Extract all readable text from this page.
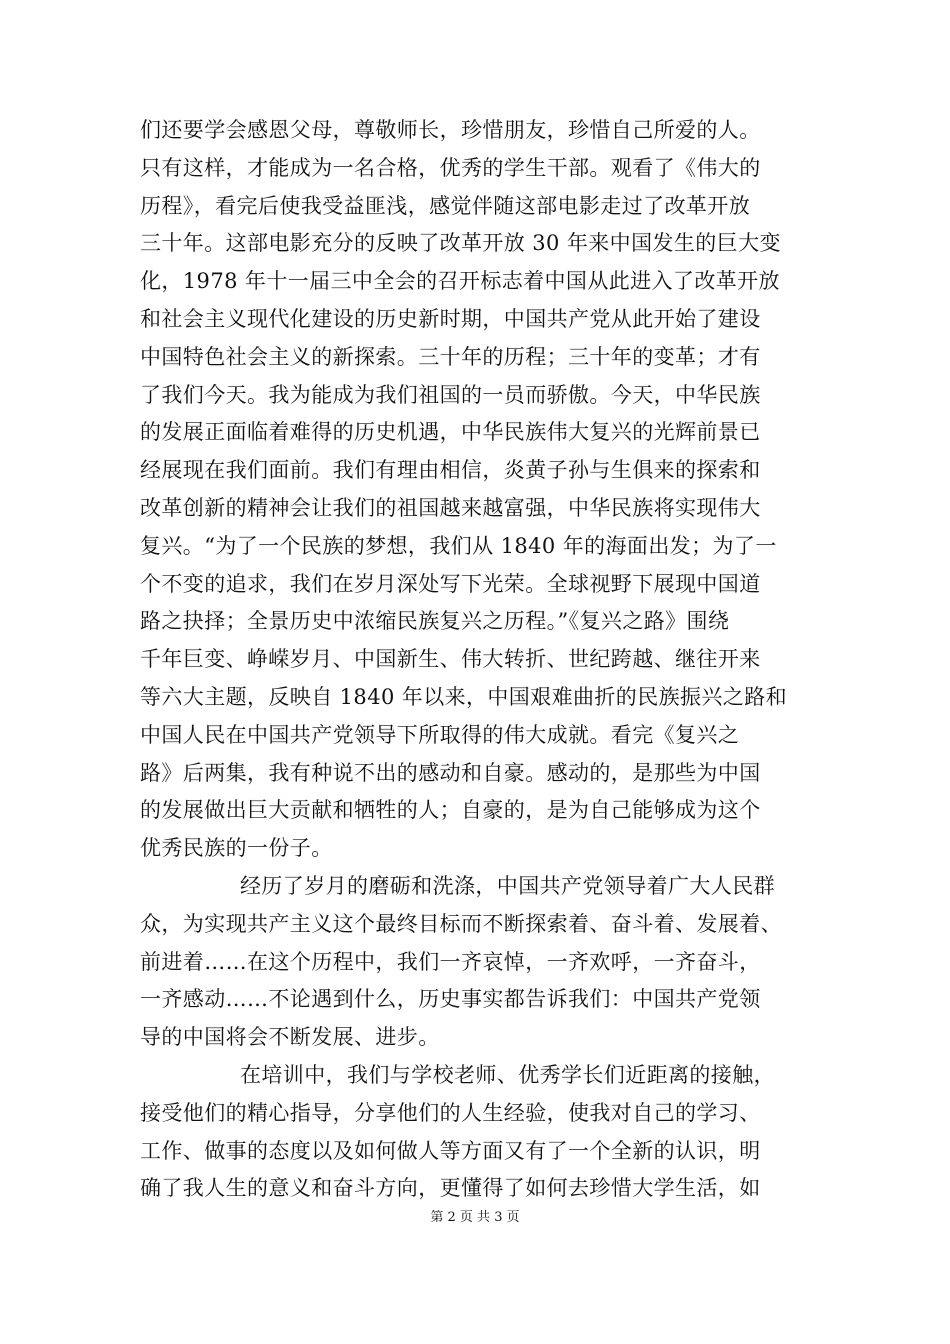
们还要学会感恩父母，尊敬师长，珍惜朋友，珍惜自己所爱的人。
只有这样，才能成为一名合格，优秀的学生干部。观看了《伟大的
历程》，看完后使我受益匪浅，感觉伴随这部电影走过了改革开放
三十年。这部电影充分的反映了改革开放 30 年来中国发生的巨大变
化，1978 年十一届三中全会的召开标志着中国从此进入了改革开放
和社会主义现代化建设的历史新时期，中国共产党从此开始了建设
中国特色社会主义的新探索。三十年的历程；三十年的变革；才有
了我们今天。我为能成为我们祖国的一员而骄傲。今天，中华民族
的发展正面临着难得的历史机遇，中华民族伟大复兴的光辉前景已
经展现在我们面前。我们有理由相信，炎黄子孙与生俱来的探索和
改革创新的精神会让我们的祖国越来越富强，中华民族将实现伟大
复兴。“为了一个民族的梦想，我们从 1840 年的海面出发；为了一
个不变的追求，我们在岁月深处写下光荣。全球视野下展现中国道
路之抉择；全景历史中浓缩民族复兴之历程。”《复兴之路》围绕
千年巨变、峥嵘岁月、中国新生、伟大转折、世纪跨越、继往开来
等六大主题，反映自 1840 年以来，中国艰难曲折的民族振兴之路和
中国人民在中国共产党领导下所取得的伟大成就。看完《复兴之
路》后两集，我有种说不出的感动和自豪。感动的，是那些为中国
的发展做出巨大贡献和牺牲的人；自豪的，是为自己能够成为这个
优秀民族的一份子。
经历了岁月的磨砺和洗涤，中国共产党领导着广大人民群
众，为实现共产主义这个最终目标而不断探索着、奋斗着、发展着、
前进着……在这个历程中，我们一齐哀悼，一齐欢呼，一齐奋斗，
一齐感动……不论遇到什么，历史事实都告诉我们：中国共产党领
导的中国将会不断发展、进步。
在培训中，我们与学校老师、优秀学长们近距离的接触，
接受他们的精心指导，分享他们的人生经验，使我对自己的学习、
工作、做事的态度以及如何做人等方面又有了一个全新的认识，明
确了我人生的意义和奋斗方向，更懂得了如何去珍惜大学生活，如
第 2 页 共 3 页
